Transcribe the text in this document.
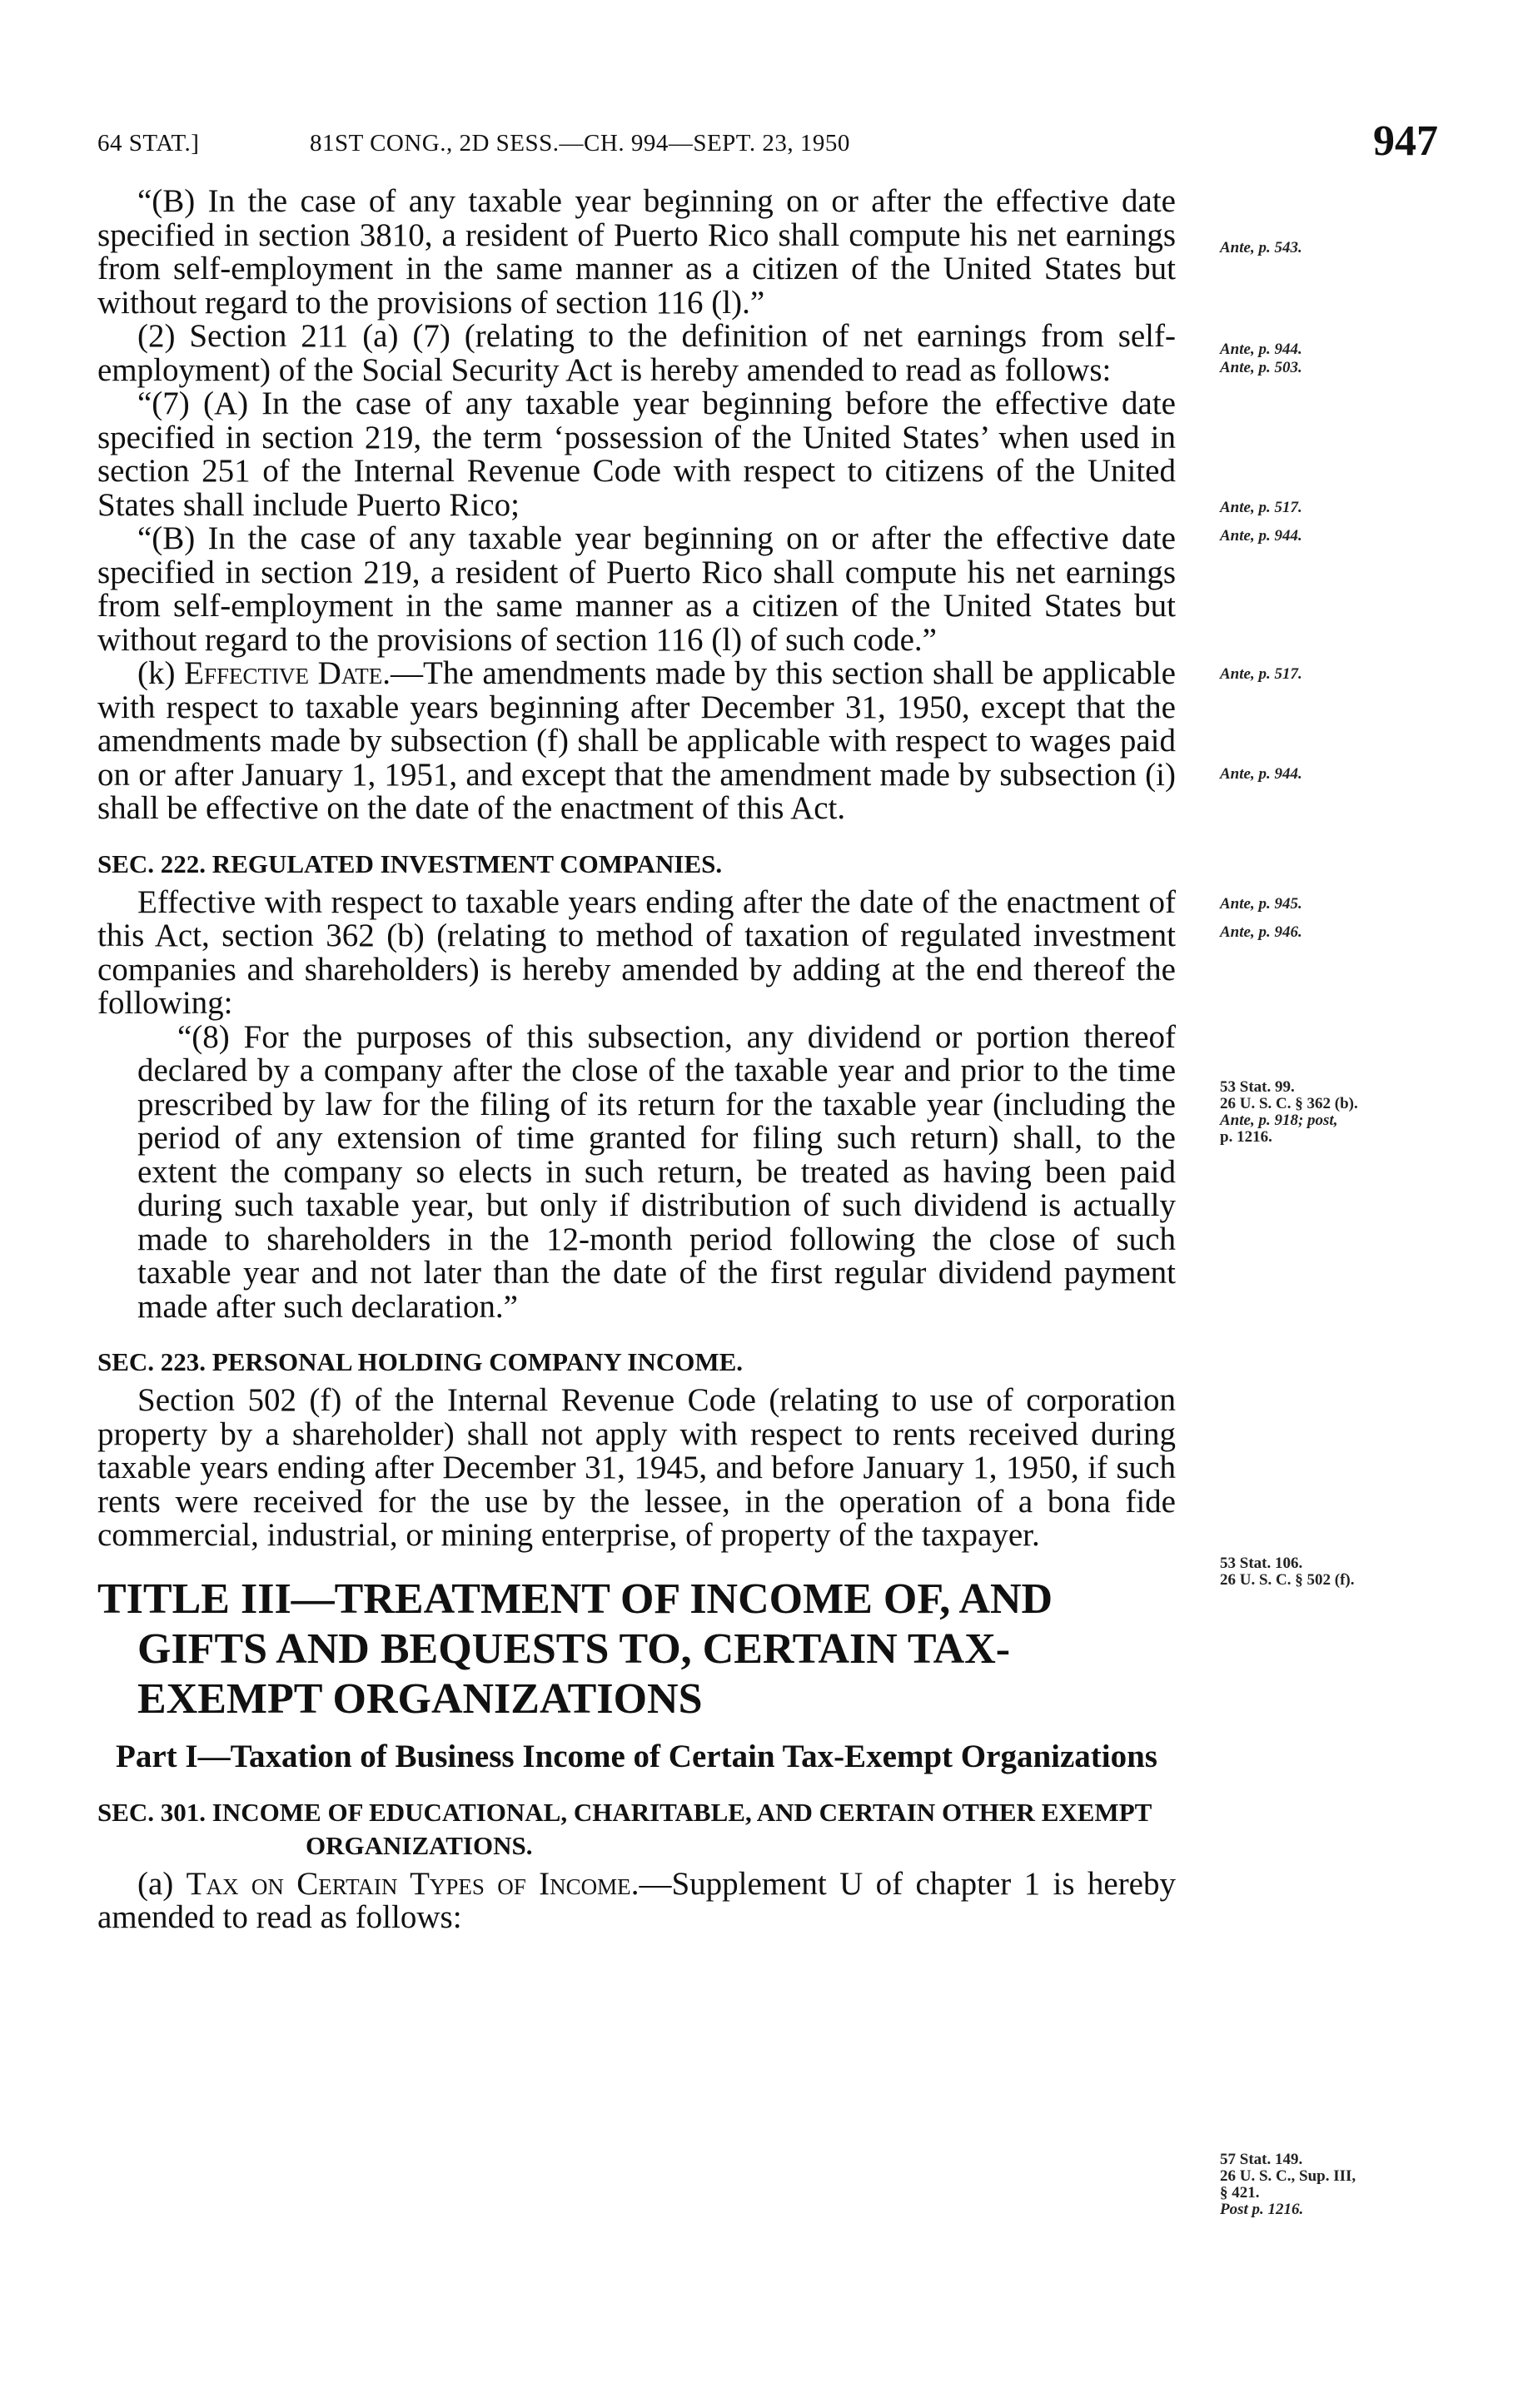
64 STAT.]	81ST CONG., 2D SESS.—CH. 994—SEPT. 23, 1950	947

“(B) In the case of any taxable year beginning on or after the effective date specified in section 3810, a resident of Puerto Rico shall compute his net earnings from self-employment in the same manner as a citizen of the United States but without regard to the provisions of section 116 (l).”

(2) Section 211 (a) (7) (relating to the definition of net earnings from self-employment) of the Social Security Act is hereby amended to read as follows:

“(7) (A) In the case of any taxable year beginning before the effective date specified in section 219, the term ‘possession of the United States’ when used in section 251 of the Internal Revenue Code with respect to citizens of the United States shall include Puerto Rico;

“(B) In the case of any taxable year beginning on or after the effective date specified in section 219, a resident of Puerto Rico shall compute his net earnings from self-employment in the same manner as a citizen of the United States but without regard to the provisions of section 116 (l) of such code.”

(k) Effective Date.—The amendments made by this section shall be applicable with respect to taxable years beginning after December 31, 1950, except that the amendments made by subsection (f) shall be applicable with respect to wages paid on or after January 1, 1951, and except that the amendment made by subsection (i) shall be effective on the date of the enactment of this Act.

SEC. 222. REGULATED INVESTMENT COMPANIES.

Effective with respect to taxable years ending after the date of the enactment of this Act, section 362 (b) (relating to method of taxation of regulated investment companies and shareholders) is hereby amended by adding at the end thereof the following:

“(8) For the purposes of this subsection, any dividend or portion thereof declared by a company after the close of the taxable year and prior to the time prescribed by law for the filing of its return for the taxable year (including the period of any extension of time granted for filing such return) shall, to the extent the company so elects in such return, be treated as having been paid during such taxable year, but only if distribution of such dividend is actually made to shareholders in the 12-month period following the close of such taxable year and not later than the date of the first regular dividend payment made after such declaration.”

SEC. 223. PERSONAL HOLDING COMPANY INCOME.

Section 502 (f) of the Internal Revenue Code (relating to use of corporation property by a shareholder) shall not apply with respect to rents received during taxable years ending after December 31, 1945, and before January 1, 1950, if such rents were received for the use by the lessee, in the operation of a bona fide commercial, industrial, or mining enterprise, of property of the taxpayer.

TITLE III—TREATMENT OF INCOME OF, AND GIFTS AND BEQUESTS TO, CERTAIN TAX-EXEMPT ORGANIZATIONS
Part I—Taxation of Business Income of Certain Tax-Exempt Organizations
SEC. 301. INCOME OF EDUCATIONAL, CHARITABLE, AND CERTAIN OTHER EXEMPT ORGANIZATIONS.

(a) Tax on Certain Types of Income.—Supplement U of chapter 1 is hereby amended to read as follows:

Ante, p. 543.
Ante, p. 944.
Ante, p. 503.
Ante, p. 517.
Ante, p. 944.
Ante, p. 517.
Ante, p. 944.
Ante, p. 945.
Ante, p. 946.
53 Stat. 99.
26 U. S. C. § 362 (b).
Ante, p. 918; post,
p. 1216.
53 Stat. 106.
26 U. S. C. § 502 (f).
57 Stat. 149.
26 U. S. C., Sup. III,
§ 421.
Post p. 1216.
